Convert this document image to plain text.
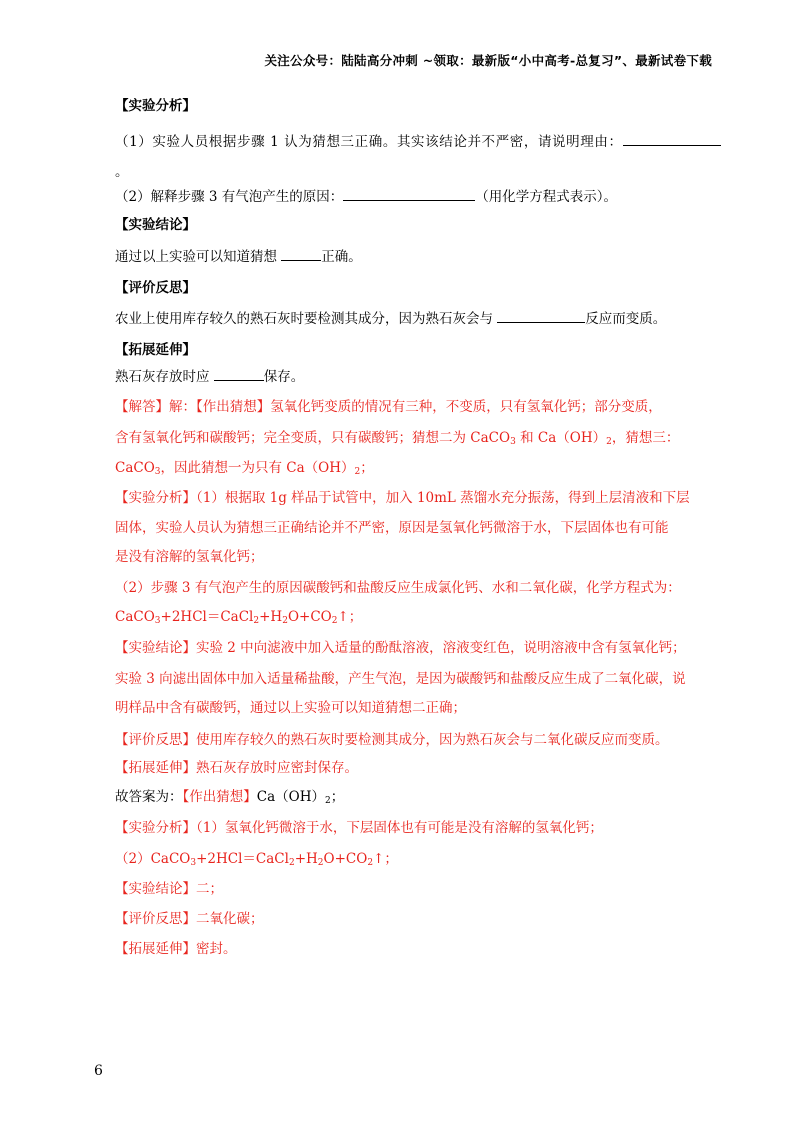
关注公众号：陆陆高分冲刺 ~领取：最新版“小中高考-总复习”、最新试卷下载
【实验分析】
（1）实验人员根据步骤 1 认为猜想三正确。其实该结论并不严密，请说明理由：
。
（2）解释步骤 3 有气泡产生的原因：	（用化学方程式表示）。
【实验结论】
通过以上实验可以知道猜想	正确。
【评价反思】
农业上使用库存较久的熟石灰时要检测其成分，因为熟石灰会与	反应而变质。
【拓展延伸】
熟石灰存放时应	保存。
【解答】解：【作出猜想】氢氧化钙变质的情况有三种，不变质，只有氢氧化钙；部分变质，
含有氢氧化钙和碳酸钙；完全变质，只有碳酸钙；猜想二为 CaCO$_3$ 和 $Ca(OH)_2$，猜想三：
CaCO$_3$，因此猜想一为只有 $Ca(OH)_2$；
【实验分析】（1）根据取 1g 样品于试管中，加入 10mL 蒸馏水充分振荡，得到上层清液和下层
固体，实验人员认为猜想三正确结论并不严密，原因是氢氧化钙微溶于水，下层固体也有可能
是没有溶解的氢氧化钙；
（2）步骤 3 有气泡产生的原因碳酸钙和盐酸反应生成氯化钙、水和二氧化碳，化学方程式为：
$CaCO_3+2HCl=CaCl_2+H_2O+CO_2↑$；
【实验结论】实验 2 中向滤液中加入适量的酚酞溶液，溶液变红色，说明溶液中含有氢氧化钙；
实验 3 向滤出固体中加入适量稀盐酸，产生气泡，是因为碳酸钙和盐酸反应生成了二氧化碳，说
明样品中含有碳酸钙，通过以上实验可以知道猜想二正确；
【评价反思】使用库存较久的熟石灰时要检测其成分，因为熟石灰会与二氧化碳反应而变质。
【拓展延伸】熟石灰存放时应密封保存。
故答案为：【作出猜想】$Ca(OH)_2$；
【实验分析】（1）氢氧化钙微溶于水，下层固体也有可能是没有溶解的氢氧化钙；
$(2)CaCO_3+2HCl=CaCl_2+H_2O+CO_2↑$；
【实验结论】二；
【评价反思】二氧化碳；
【拓展延伸】密封。
6
